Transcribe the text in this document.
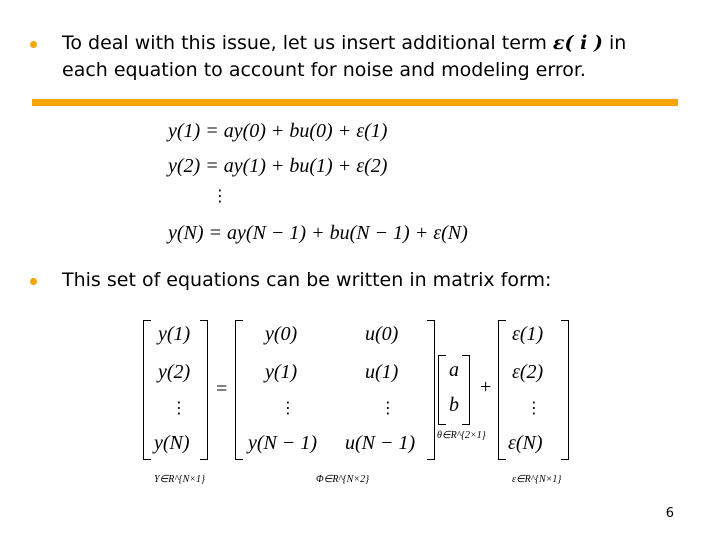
To deal with this issue, let us insert additional term ε( i ) in
each equation to account for noise and modeling error.
y(1) = ay(0) + bu(0) + ε(1)
y(2) = ay(1) + bu(1) + ε(2)
⋮
y(N) = ay(N − 1) + bu(N − 1) + ε(N)
This set of equations can be written in matrix form:
y(1)
y(2)
⋮
y(N)
Y∈R^{N×1}
=
y(0)
y(1)
⋮
y(N − 1)
u(0)
u(1)
⋮
u(N − 1)
Φ∈R^{N×2}
a
b
θ∈R^{2×1}
+
ε(1)
ε(2)
⋮
ε(N)
ε∈R^{N×1}
6
